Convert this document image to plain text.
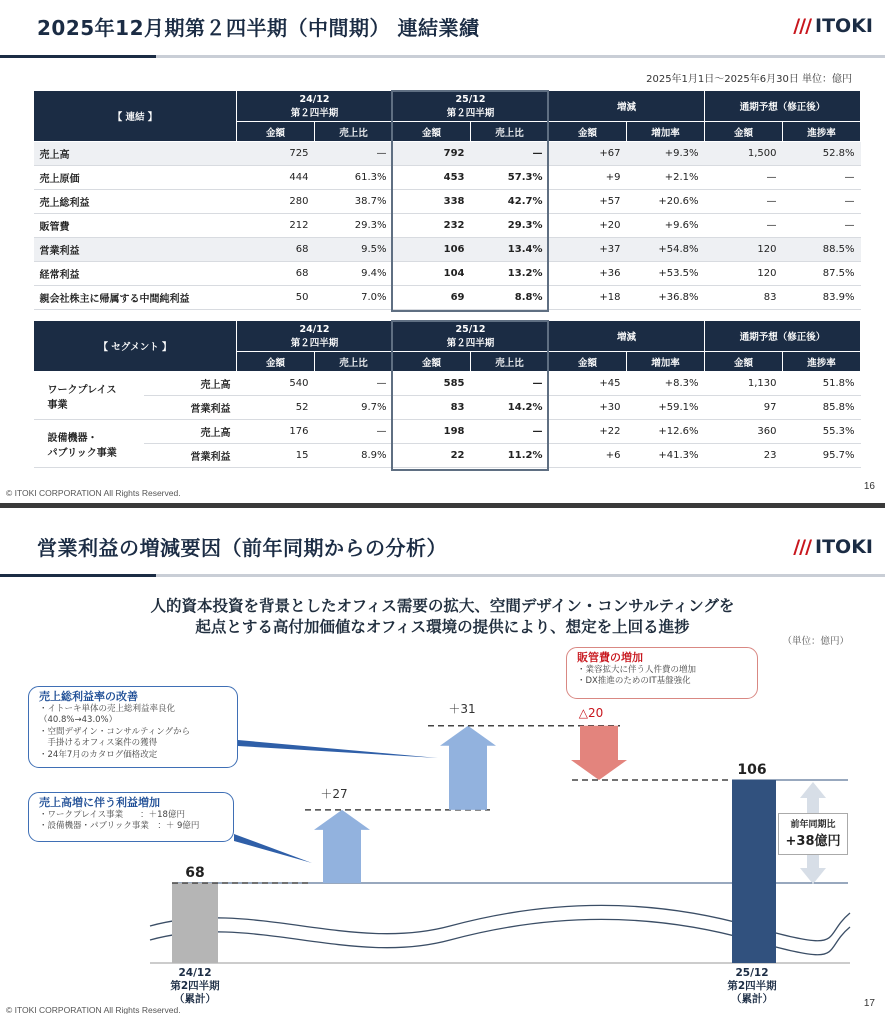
2025年12月期第２四半期（中間期） 連結業績	/// ITOKI
2025年1月1日～2025年6月30日 単位：億円
【 連結 】	24/12
第２四半期		25/12
第２四半期		増減		通期予想（修正後）	
	金額	売上比	金額	売上比	金額	増加率	金額	進捗率
売上高	725	—	792	—	+67	+9.3%	1,500	52.8%
売上原価	444	61.3%	453	57.3%	+9	+2.1%	—	—
売上総利益	280	38.7%	338	42.7%	+57	+20.6%	—	—
販管費	212	29.3%	232	29.3%	+20	+9.6%	—	—
営業利益	68	9.5%	106	13.4%	+37	+54.8%	120	88.5%
経常利益	68	9.4%	104	13.2%	+36	+53.5%	120	87.5%
親会社株主に帰属する中間純利益	50	7.0%	69	8.8%	+18	+36.8%	83	83.9%
【 セグメント 】		24/12
第２四半期		25/12
第２四半期		増減		通期予想（修正後）	
		金額	売上比	金額	売上比	金額	増加率	金額	進捗率
ワークプレイス
事業	売上高	540	—	585	—	+45	+8.3%	1,130	51.8%
	営業利益	52	9.7%	83	14.2%	+30	+59.1%	97	85.8%
設備機器・
パブリック事業	売上高	176	—	198	—	+22	+12.6%	360	55.3%
	営業利益	15	8.9%	22	11.2%	+6	+41.3%	23	95.7%
© ITOKI CORPORATION All Rights Reserved.
16
営業利益の増減要因（前年同期からの分析）	/// ITOKI
人的資本投資を背景としたオフィス需要の拡大、空間デザイン・コンサルティングを
起点とする高付加価値なオフィス環境の提供により、想定を上回る進捗
（単位：億円）
68
＋27
＋31	△20
106
24/12
第2四半期
（累計）
25/12
第2四半期
（累計）
売上総利益率の改善
・イトーキ単体の売上総利益率良化
（40.8%→43.0%）
・空間デザイン・コンサルティングから
　手掛けるオフィス案件の獲得
・24年7月のカタログ価格改定
売上高増に伴う利益増加
・ワークプレイス事業　　：＋18億円
・設備機器・パブリック事業　：＋ 9億円
販管費の増加
・業容拡大に伴う人件費の増加
・DX推進のためのIT基盤強化
前年同期比
+38億円
© ITOKI CORPORATION All Rights Reserved.
17
